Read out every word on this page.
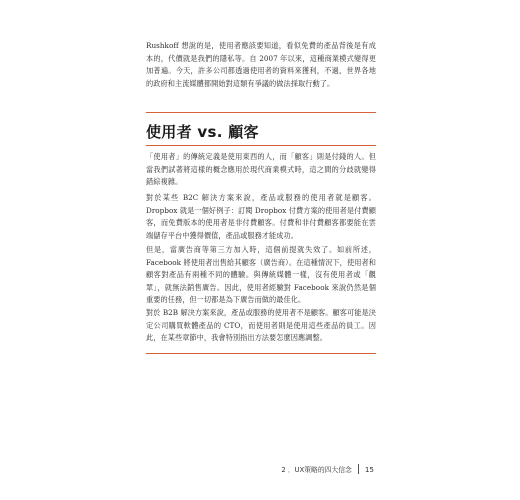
Rushkoff 想說的是，使用者應該要知道，看似免費的產品背後是有成本的，代價就是我們的隱私等。自 2007 年以來，這種商業模式變得更加普遍。今天，許多公司都透過使用者的資料來獲利，不過，世界各地的政府和主流媒體都開始對這類有爭議的做法採取行動了。

使用者 vs. 顧客

「使用者」的傳統定義是使用東西的人，而「顧客」則是付錢的人。但當我們試著將這樣的概念應用於現代商業模式時，這之間的分歧就變得錯綜複雜。

對於某些 B2C 解決方案來說，產品或服務的使用者就是顧客。Dropbox 就是一個好例子：訂閱 Dropbox 付費方案的使用者是付費顧客，而免費版本的使用者是非付費顧客。付費和非付費顧客都要能在雲端儲存平台中獲得價值，產品或服務才能成功。

但是，當廣告商等第三方加入時，這個前提就失效了。如前所述，Facebook 將使用者出售給其顧客（廣告商）。在這種情況下，使用者和顧客對產品有兩種不同的體驗。與傳統媒體一樣，沒有使用者或「觀眾」，就無法銷售廣告。因此，使用者經驗對 Facebook 來說仍然是個重要的任務，但一切都是為下廣告而做的最佳化。

對於 B2B 解決方案來說，產品或服務的使用者不是顧客。顧客可能是決定公司購買軟體產品的 CTO，而使用者則是使用這些產品的員工。因此，在某些章節中，我會特別指出方法要怎麼因應調整。

2 ．UX策略的四大信念 15
